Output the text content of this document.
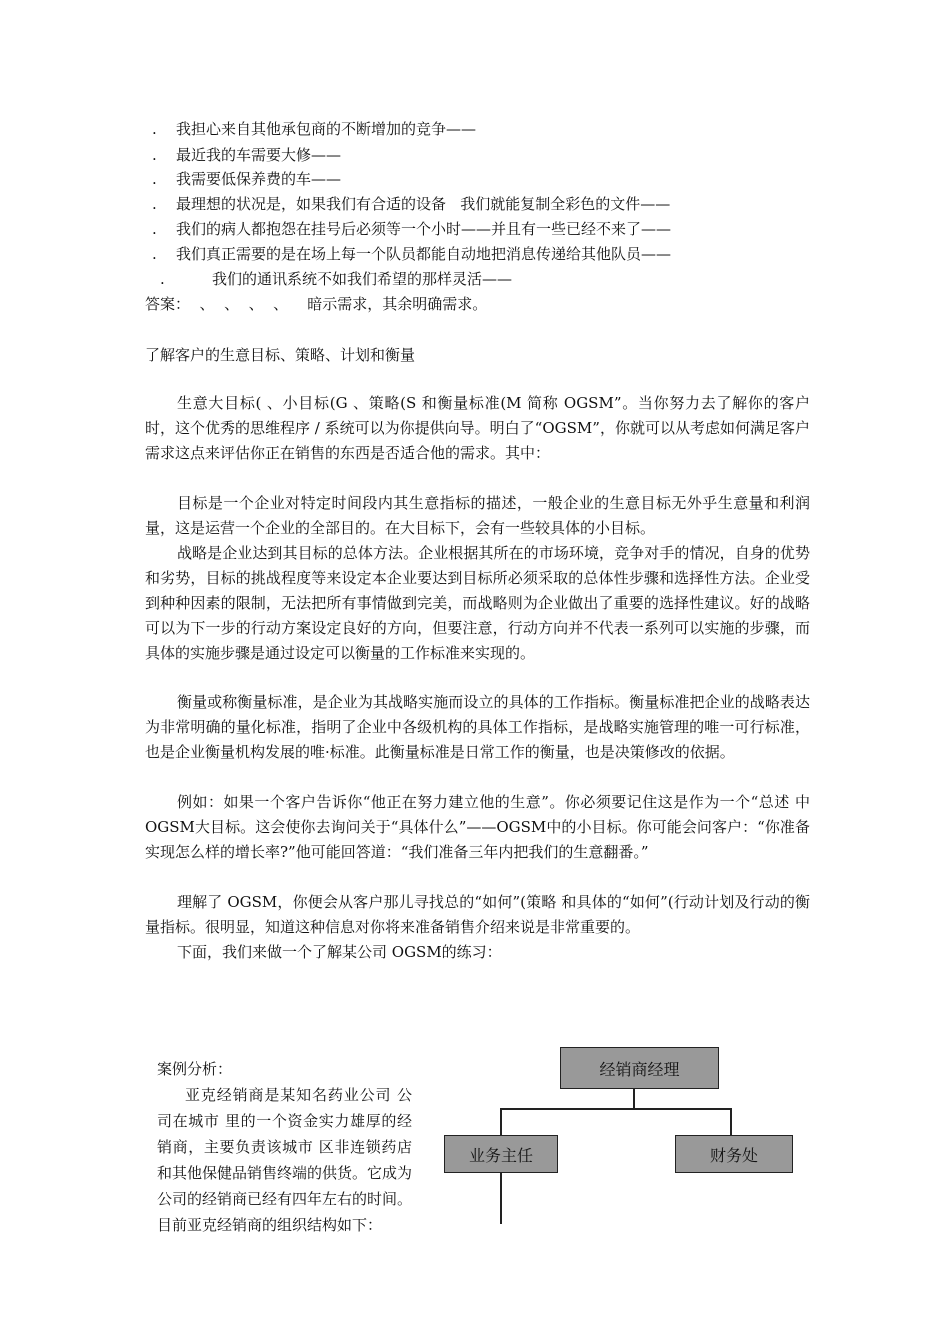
. 我担心来自其他承包商的不断增加的竞争——
. 最近我的车需要大修——
. 我需要低保养费的车——
. 最理想的状况是，如果我们有合适的设备   我们就能复制全彩色的文件——
. 我们的病人都抱怨在挂号后必须等一个小时——并且有一些已经不来了——
. 我们真正需要的是在场上每一个队员都能自动地把消息传递给其他队员——
.	我们的通讯系统不如我们希望的那样灵活——
答案：  、  、  、  、    暗示需求，其余明确需求。
了解客户的生意目标、策略、计划和衡量

生意大目标( 、小目标(G 、策略(S 和衡量标准(M 简称 OGSM”。当你努力去了解你的客户时，这个优秀的思维程序 / 系统可以为你提供向导。明白了“OGSM”，你就可以从考虑如何满足客户需求这点来评估你正在销售的东西是否适合他的需求。其中：

目标是一个企业对特定时间段内其生意指标的描述，一般企业的生意目标无外乎生意量和利润量，这是运营一个企业的全部目的。在大目标下，会有一些较具体的小目标。

战略是企业达到其目标的总体方法。企业根据其所在的市场环境，竞争对手的情况，自身的优势和劣势，目标的挑战程度等来设定本企业要达到目标所必须采取的总体性步骤和选择性方法。企业受到种种因素的限制，无法把所有事情做到完美，而战略则为企业做出了重要的选择性建议。好的战略可以为下一步的行动方案设定良好的方向，但要注意，行动方向并不代表一系列可以实施的步骤，而具体的实施步骤是通过设定可以衡量的工作标准来实现的。

衡量或称衡量标准，是企业为其战略实施而设立的具体的工作指标。衡量标准把企业的战略表达为非常明确的量化标准，指明了企业中各级机构的具体工作指标，是战略实施管理的唯一可行标准，也是企业衡量机构发展的唯·标准。此衡量标准是日常工作的衡量，也是决策修改的依据。

例如：如果一个客户告诉你“他正在努力建立他的生意”。你必须要记住这是作为一个“总述 中OGSM大目标。这会使你去询问关于“具体什么”——OGSM中的小目标。你可能会问客户：“你准备实现怎么样的增长率?”他可能回答道：“我们准备三年内把我们的生意翻番。”

理解了 OGSM，你便会从客户那儿寻找总的“如何”(策略 和具体的“如何”(行动计划及行动的衡量指标。很明显，知道这种信息对你将来准备销售介绍来说是非常重要的。

下面，我们来做一个了解某公司 OGSM的练习：

案例分析：

亚克经销商是某知名药业公司 公司在城市 里的一个资金实力雄厚的经销商，主要负责该城市 区非连锁药店和其他保健品销售终端的供货。它成为 公司的经销商已经有四年左右的时间。目前亚克经销商的组织结构如下：

经销商经理
业务主任	财务处
